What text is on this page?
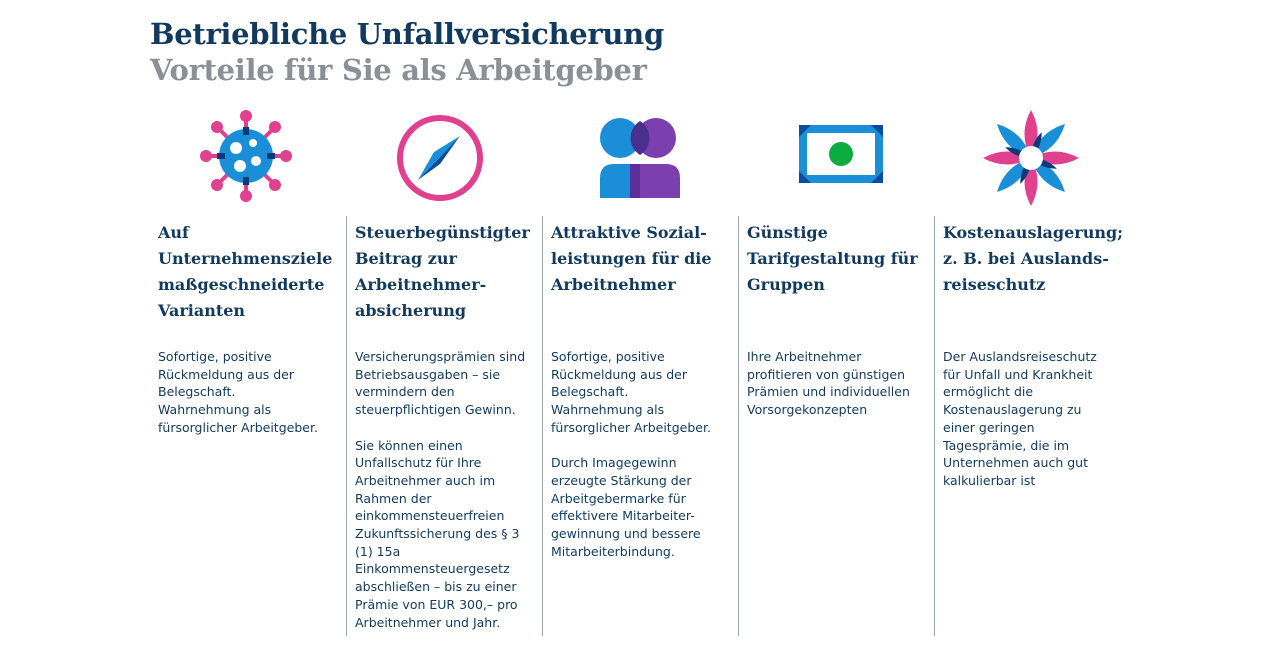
Betriebliche Unfallversicherung
Vorteile für Sie als Arbeitgeber
Auf
Unternehmensziele
maßgeschneiderte
Varianten
Sofortige, positive
Rückmeldung aus der
Belegschaft.
Wahrnehmung als
fürsorglicher Arbeitgeber.
Steuerbegünstigter
Beitrag zur
Arbeitnehmer-
absicherung
Versicherungsprämien sind
Betriebsausgaben – sie
vermindern den
steuerpflichtigen Gewinn.

Sie können einen
Unfallschutz für Ihre
Arbeitnehmer auch im
Rahmen der
einkommensteuerfreien
Zukunftssicherung des § 3
(1) 15a
Einkommensteuergesetz
abschließen – bis zu einer
Prämie von EUR 300,– pro
Arbeitnehmer und Jahr.
Attraktive Sozial-
leistungen für die
Arbeitnehmer
Sofortige, positive
Rückmeldung aus der
Belegschaft.
Wahrnehmung als
fürsorglicher Arbeitgeber.

Durch Imagegewinn
erzeugte Stärkung der
Arbeitgebermarke für
effektivere Mitarbeiter-
gewinnung und bessere
Mitarbeiterbindung.
Günstige
Tarifgestaltung für
Gruppen
Ihre Arbeitnehmer
profitieren von günstigen
Prämien und individuellen
Vorsorgekonzepten
Kostenauslagerung;
z. B. bei Auslands-
reiseschutz
Der Auslandsreiseschutz
für Unfall und Krankheit
ermöglicht die
Kostenauslagerung zu
einer geringen
Tagesprämie, die im
Unternehmen auch gut
kalkulierbar ist
